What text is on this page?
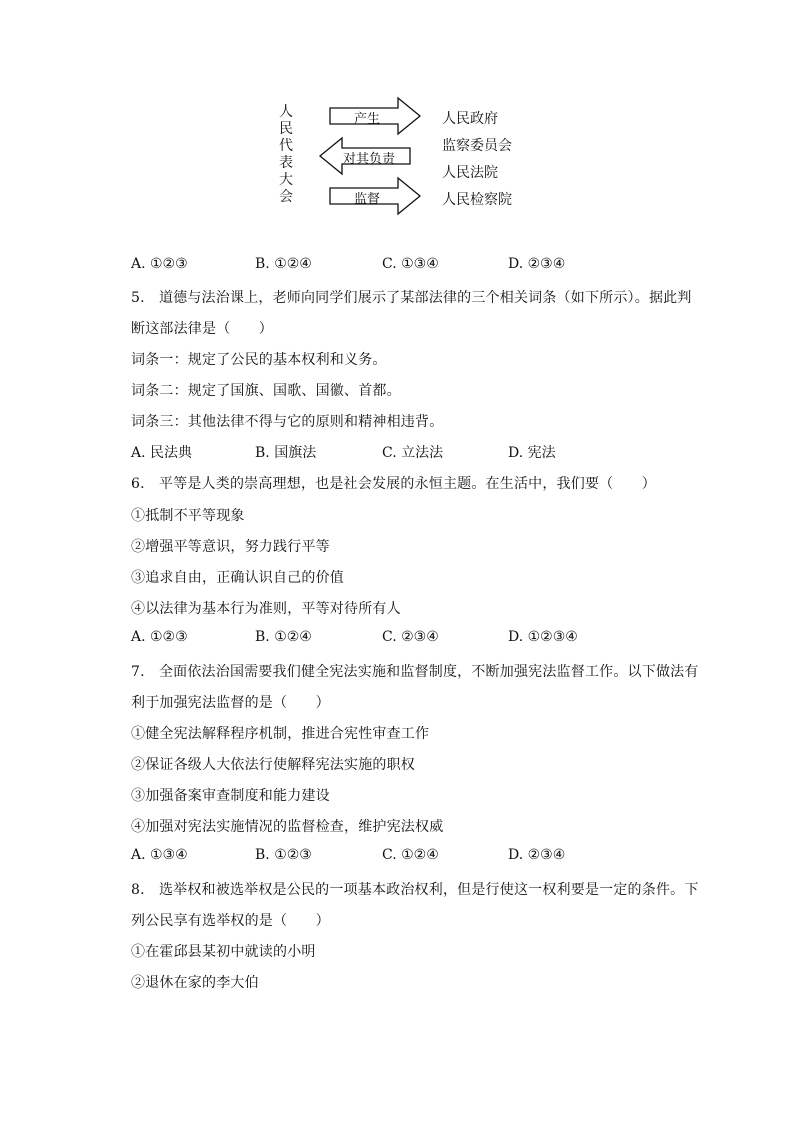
人
民
代
表
大
会
产生
对其负责
监督
人民政府
监察委员会
人民法院
人民检察院
A. ①②③	B. ①②④	C. ①③④	D. ②③④
5.　道德与法治课上，老师向同学们展示了某部法律的三个相关词条（如下所示）。据此判
断这部法律是（　　）
词条一：规定了公民的基本权利和义务。
词条二：规定了国旗、国歌、国徽、首都。
词条三：其他法律不得与它的原则和精神相违背。
A. 民法典	B. 国旗法	C. 立法法	D. 宪法
6.　平等是人类的崇高理想，也是社会发展的永恒主题。在生活中，我们要（　　）
①抵制不平等现象
②增强平等意识，努力践行平等
③追求自由，正确认识自己的价值
④以法律为基本行为准则，平等对待所有人
A. ①②③	B. ①②④	C. ②③④	D. ①②③④
7.　全面依法治国需要我们健全宪法实施和监督制度，不断加强宪法监督工作。以下做法有
利于加强宪法监督的是（　　）
①健全宪法解释程序机制，推进合宪性审查工作
②保证各级人大依法行使解释宪法实施的职权
③加强备案审查制度和能力建设
④加强对宪法实施情况的监督检查，维护宪法权威
A. ①③④	B. ①②③	C. ①②④	D. ②③④
8.　选举权和被选举权是公民的一项基本政治权利，但是行使这一权利要是一定的条件。下
列公民享有选举权的是（　　）
①在霍邱县某初中就读的小明
②退休在家的李大伯
